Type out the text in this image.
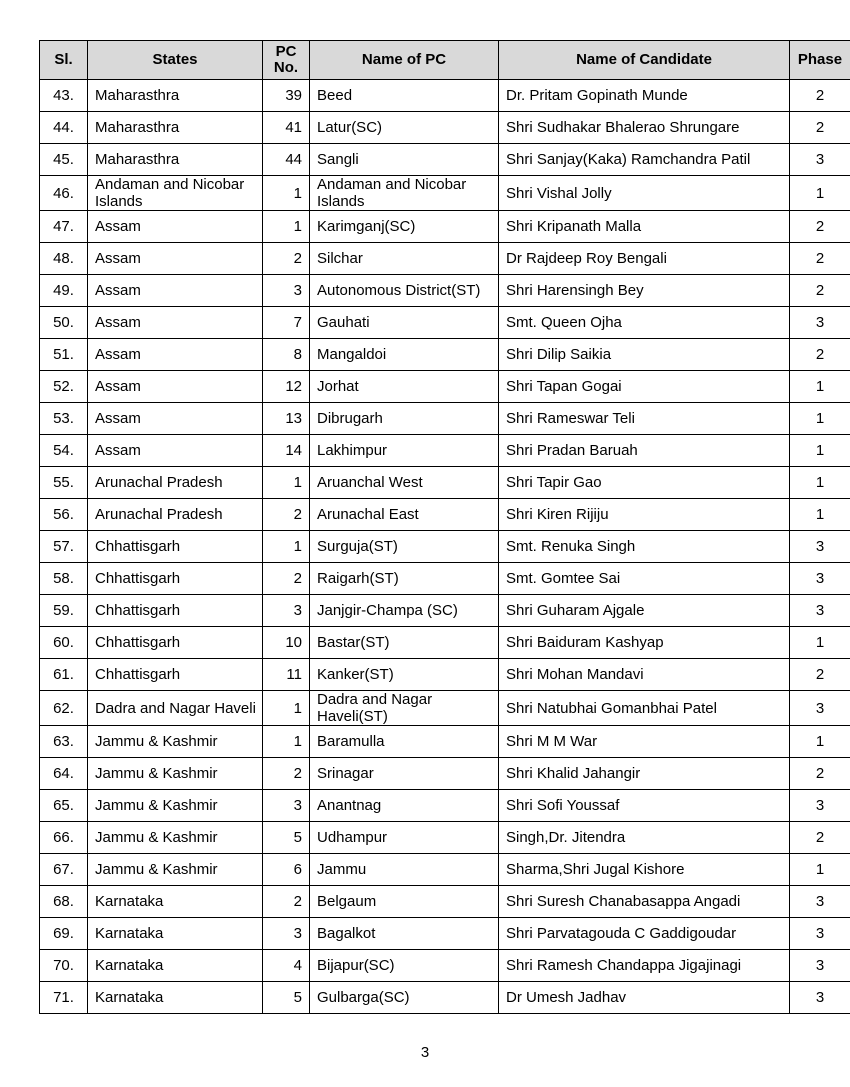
Sl.	States	PC No.	Name of PC	Name of Candidate	Phase
43.	Maharasthra	39	Beed	Dr. Pritam Gopinath Munde	2
44.	Maharasthra	41	Latur(SC)	Shri Sudhakar Bhalerao Shrungare	2
45.	Maharasthra	44	Sangli	Shri Sanjay(Kaka) Ramchandra Patil	3
46.	Andaman and Nicobar Islands	1	Andaman and Nicobar Islands	Shri Vishal Jolly	1
47.	Assam	1	Karimganj(SC)	Shri Kripanath Malla	2
48.	Assam	2	Silchar	Dr Rajdeep Roy Bengali	2
49.	Assam	3	Autonomous District(ST)	Shri Harensingh Bey	2
50.	Assam	7	Gauhati	Smt. Queen Ojha	3
51.	Assam	8	Mangaldoi	Shri Dilip Saikia	2
52.	Assam	12	Jorhat	Shri Tapan Gogai	1
53.	Assam	13	Dibrugarh	Shri Rameswar Teli	1
54.	Assam	14	Lakhimpur	Shri Pradan Baruah	1
55.	Arunachal Pradesh	1	Aruanchal West	Shri Tapir Gao	1
56.	Arunachal Pradesh	2	Arunachal East	Shri Kiren Rijiju	1
57.	Chhattisgarh	1	Surguja(ST)	Smt. Renuka Singh	3
58.	Chhattisgarh	2	Raigarh(ST)	Smt. Gomtee Sai	3
59.	Chhattisgarh	3	Janjgir-Champa (SC)	Shri Guharam Ajgale	3
60.	Chhattisgarh	10	Bastar(ST)	Shri Baiduram Kashyap	1
61.	Chhattisgarh	11	Kanker(ST)	Shri Mohan Mandavi	2
62.	Dadra and Nagar Haveli	1	Dadra and Nagar Haveli(ST)	Shri Natubhai Gomanbhai Patel	3
63.	Jammu & Kashmir	1	Baramulla	Shri M M War	1
64.	Jammu & Kashmir	2	Srinagar	Shri Khalid Jahangir	2
65.	Jammu & Kashmir	3	Anantnag	Shri Sofi Youssaf	3
66.	Jammu & Kashmir	5	Udhampur	Singh,Dr. Jitendra	2
67.	Jammu & Kashmir	6	Jammu	Sharma,Shri Jugal Kishore	1
68.	Karnataka	2	Belgaum	Shri Suresh Chanabasappa Angadi	3
69.	Karnataka	3	Bagalkot	Shri Parvatagouda C Gaddigoudar	3
70.	Karnataka	4	Bijapur(SC)	Shri Ramesh Chandappa Jigajinagi	3
71.	Karnataka	5	Gulbarga(SC)	Dr Umesh Jadhav	3
3
